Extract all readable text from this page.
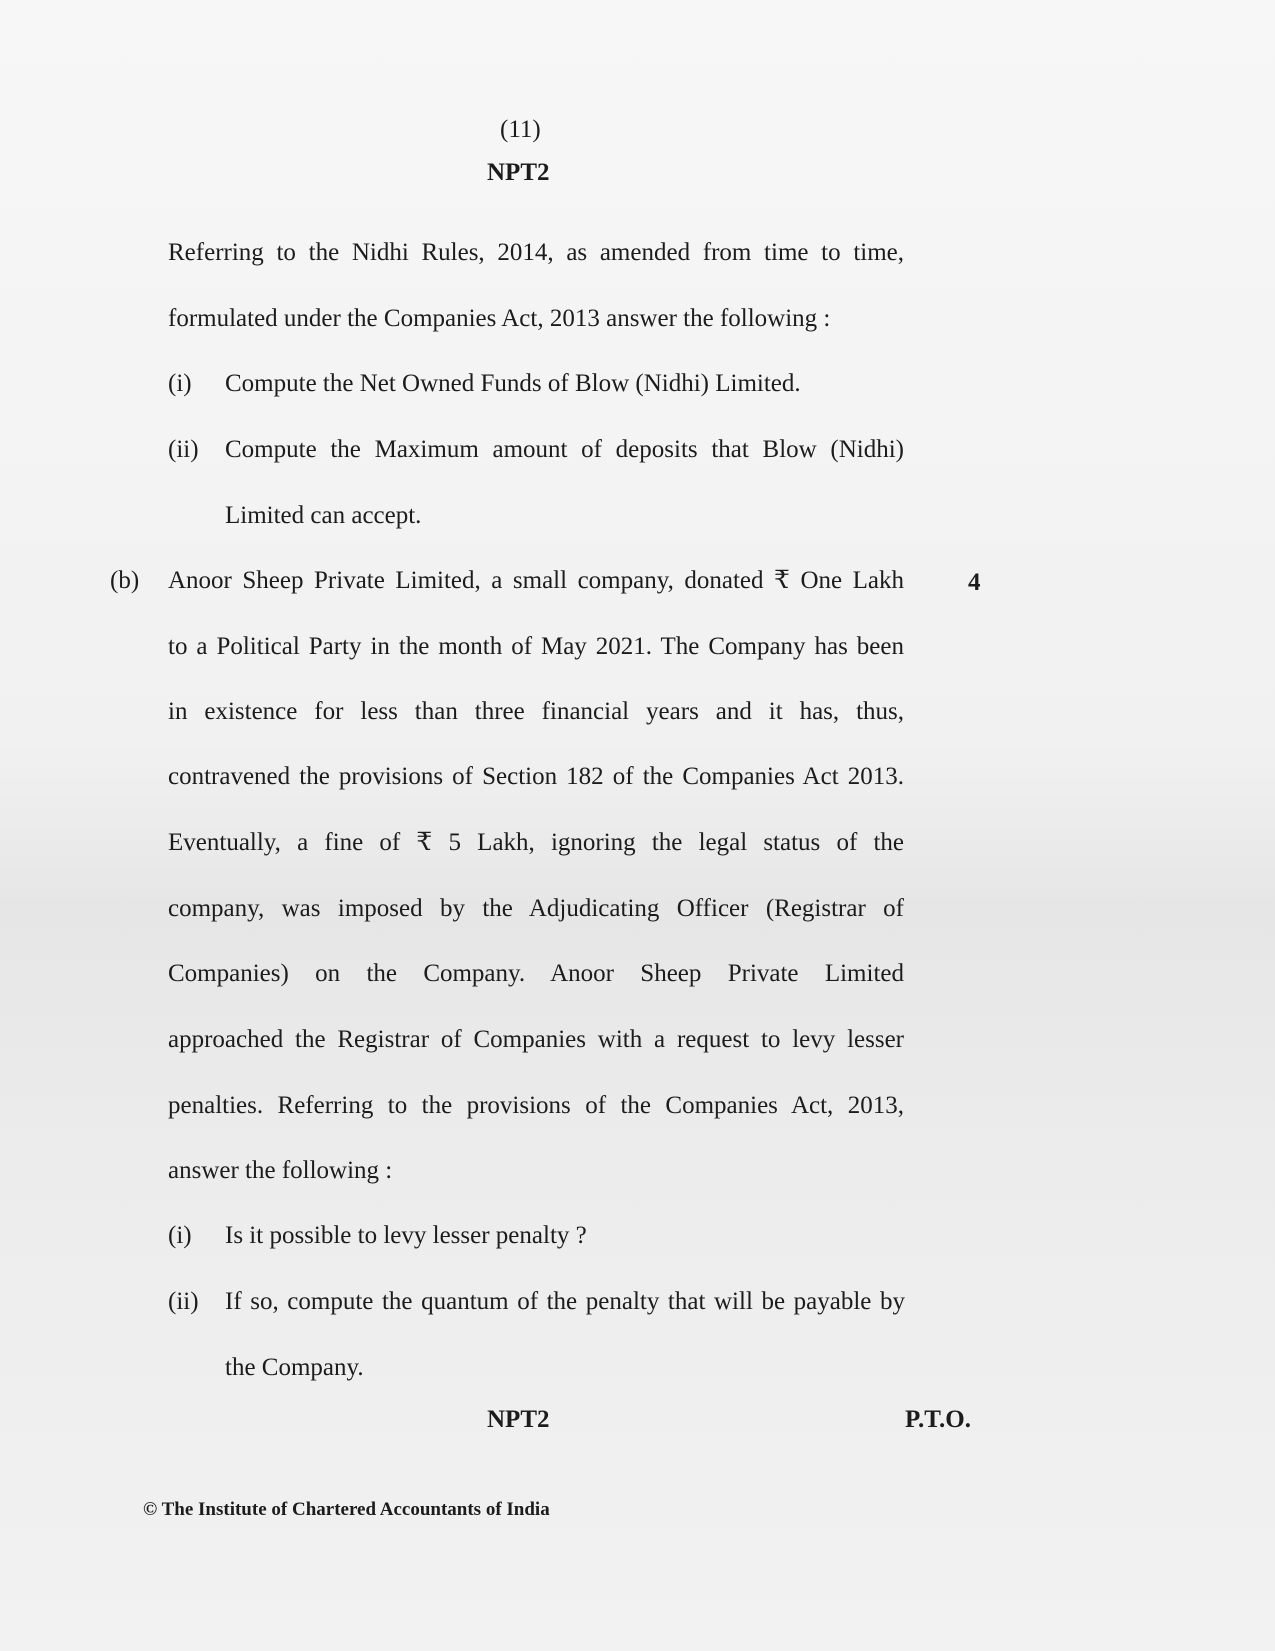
(11)
NPT2
Referring to the Nidhi Rules, 2014, as amended from time to time,
formulated under the Companies Act, 2013 answer the following :
(i) Compute the Net Owned Funds of Blow (Nidhi) Limited.
(ii) Compute the Maximum amount of deposits that Blow (Nidhi)
Limited can accept.
(b)	4
Anoor Sheep Private Limited, a small company, donated ₹ One Lakh
to a Political Party in the month of May 2021. The Company has been
in existence for less than three financial years and it has, thus,
contravened the provisions of Section 182 of the Companies Act 2013.
Eventually, a fine of ₹ 5 Lakh, ignoring the legal status of the
company, was imposed by the Adjudicating Officer (Registrar of
Companies) on the Company. Anoor Sheep Private Limited
approached the Registrar of Companies with a request to levy lesser
penalties. Referring to the provisions of the Companies Act, 2013,
answer the following :
(i) Is it possible to levy lesser penalty ?
(ii) If so, compute the quantum of the penalty that will be payable by
the Company.
NPT2	P.T.O.
© The Institute of Chartered Accountants of India
